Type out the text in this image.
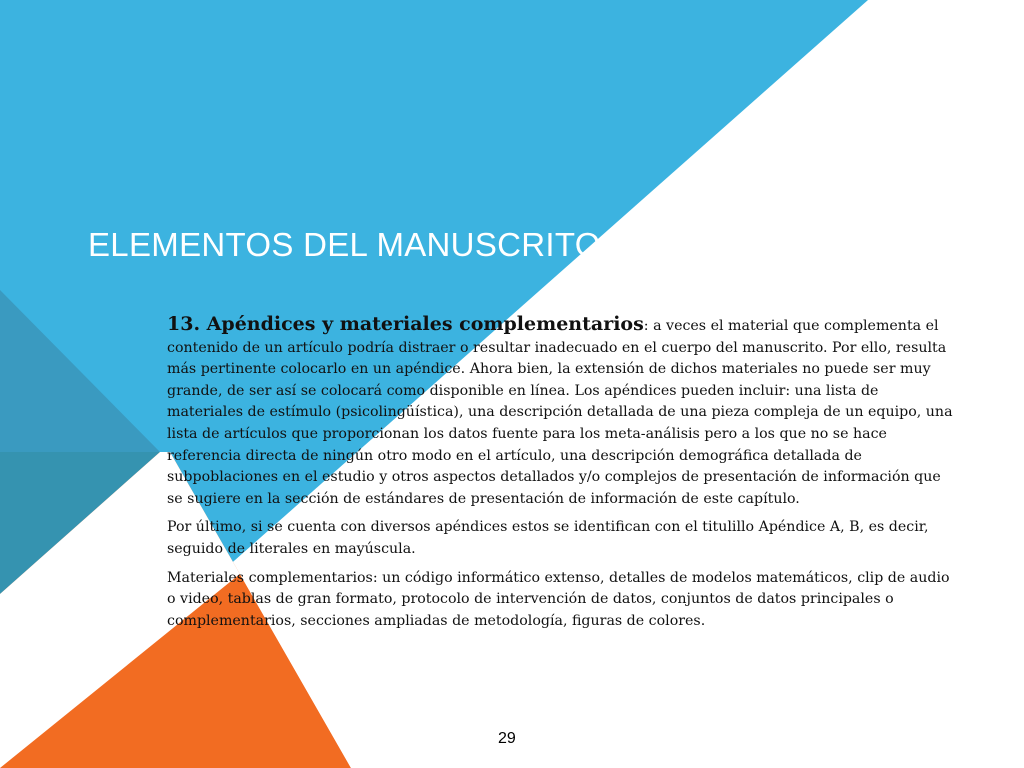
ELEMENTOS DEL MANUSCRITO

13. Apéndices y materiales complementarios: a veces el material que complementa el contenido de un artículo podría distraer o resultar inadecuado en el cuerpo del manuscrito. Por ello, resulta más pertinente colocarlo en un apéndice. Ahora bien, la extensión de dichos materiales no puede ser muy grande, de ser así se colocará como disponible en línea. Los apéndices pueden incluir: una lista de materiales de estímulo (psicolingüística), una descripción detallada de una pieza compleja de un equipo, una lista de artículos que proporcionan los datos fuente para los meta-análisis pero a los que no se hace referencia directa de ningún otro modo en el artículo, una descripción demográfica detallada de subpoblaciones en el estudio y otros aspectos detallados y/o complejos de presentación de información que se sugiere en la sección de estándares de presentación de información de este capítulo.

Por último, si se cuenta con diversos apéndices estos se identifican con el titulillo Apéndice A, B, es decir, seguido de literales en mayúscula.

Materiales complementarios: un código informático extenso, detalles de modelos matemáticos, clip de audio o video, tablas de gran formato, protocolo de intervención de datos, conjuntos de datos principales o complementarios, secciones ampliadas de metodología, figuras de colores.

29
